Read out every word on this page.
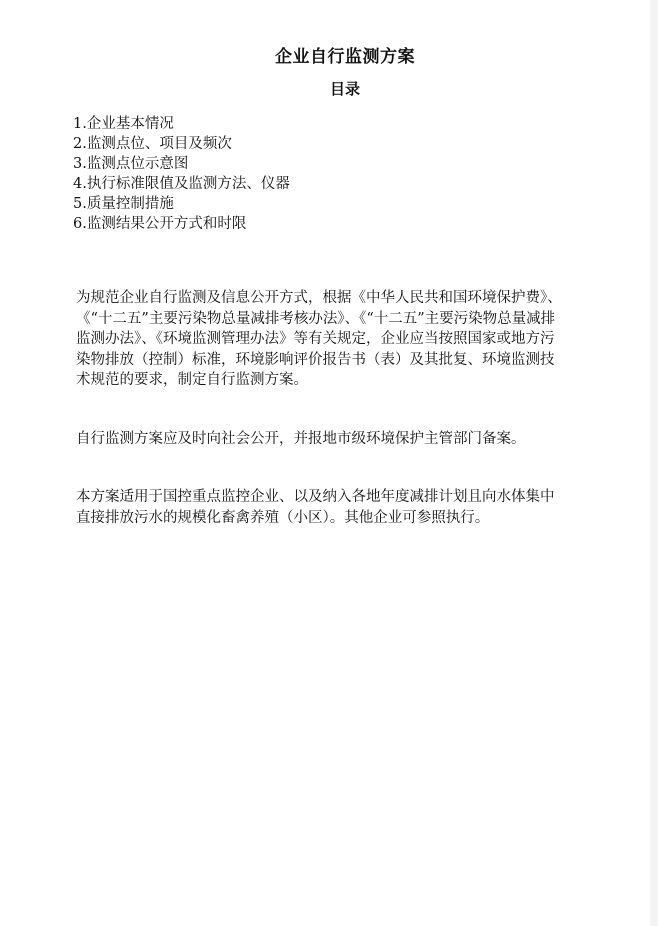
企业自行监测方案
目录
1.企业基本情况
2.监测点位、项目及频次
3.监测点位示意图
4.执行标准限值及监测方法、仪器
5.质量控制措施
6.监测结果公开方式和时限

为规范企业自行监测及信息公开方式，根据《中华人民共和国环境保护费》、《“十二五”主要污染物总量减排考核办法》、《“十二五”主要污染物总量减排监测办法》、《环境监测管理办法》等有关规定，企业应当按照国家或地方污染物排放（控制）标准，环境影响评价报告书（表）及其批复、环境监测技术规范的要求，制定自行监测方案。

自行监测方案应及时向社会公开，并报地市级环境保护主管部门备案。

本方案适用于国控重点监控企业、以及纳入各地年度减排计划且向水体集中直接排放污水的规模化畜禽养殖（小区）。其他企业可参照执行。
